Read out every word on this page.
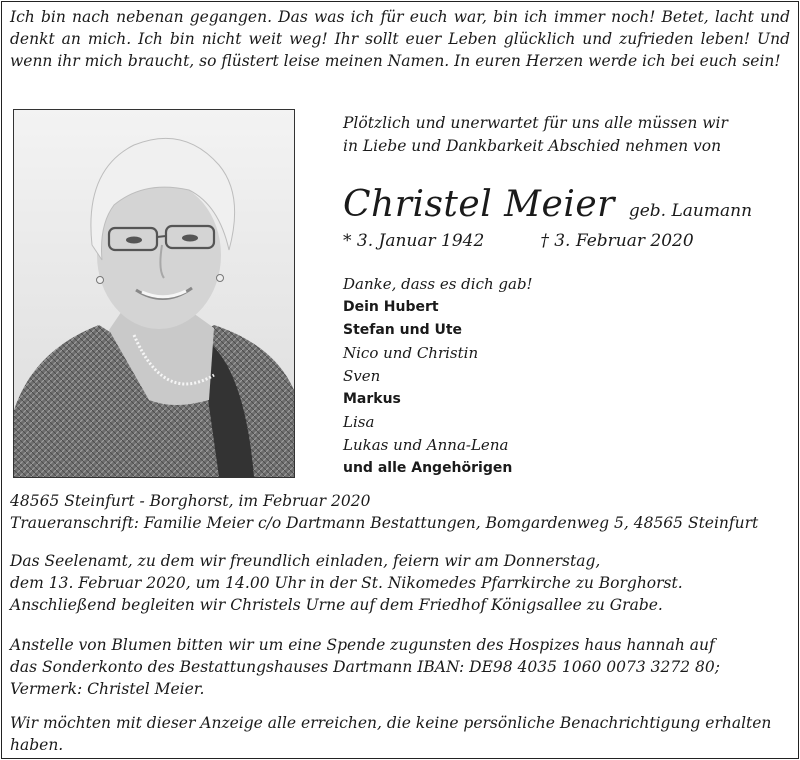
Ich bin nach nebenan gegangen. Das was ich für euch war, bin ich immer noch! Betet, lacht und denkt an mich. Ich bin nicht weit weg! Ihr sollt euer Leben glücklich und zufrieden leben! Und wenn ihr mich braucht, so flüstert leise meinen Namen. In euren Herzen werde ich bei euch sein!

Plötzlich und unerwartet für uns alle müssen wir

in Liebe und Dankbarkeit Abschied nehmen von

Christel Meier geb. Laumann
* 3. Januar 1942	† 3. Februar 2020
Danke, dass es dich gab!
Dein Hubert
Stefan und Ute
Nico und Christin
Sven
Markus
Lisa
Lukas und Anna-Lena
und alle Angehörigen

48565 Steinfurt - Borghorst, im Februar 2020

Traueranschrift: Familie Meier c/o Dartmann Bestattungen, Bomgardenweg 5, 48565 Steinfurt

Das Seelenamt, zu dem wir freundlich einladen, feiern wir am Donnerstag,

dem 13. Februar 2020, um 14.00 Uhr in der St. Nikomedes Pfarrkirche zu Borghorst.

Anschließend begleiten wir Christels Urne auf dem Friedhof Königsallee zu Grabe.

Anstelle von Blumen bitten wir um eine Spende zugunsten des Hospizes haus hannah auf

das Sonderkonto des Bestattungshauses Dartmann IBAN: DE98 4035 1060 0073 3272 80;

Vermerk: Christel Meier.

Wir möchten mit dieser Anzeige alle erreichen, die keine persönliche Benachrichtigung erhalten haben.
